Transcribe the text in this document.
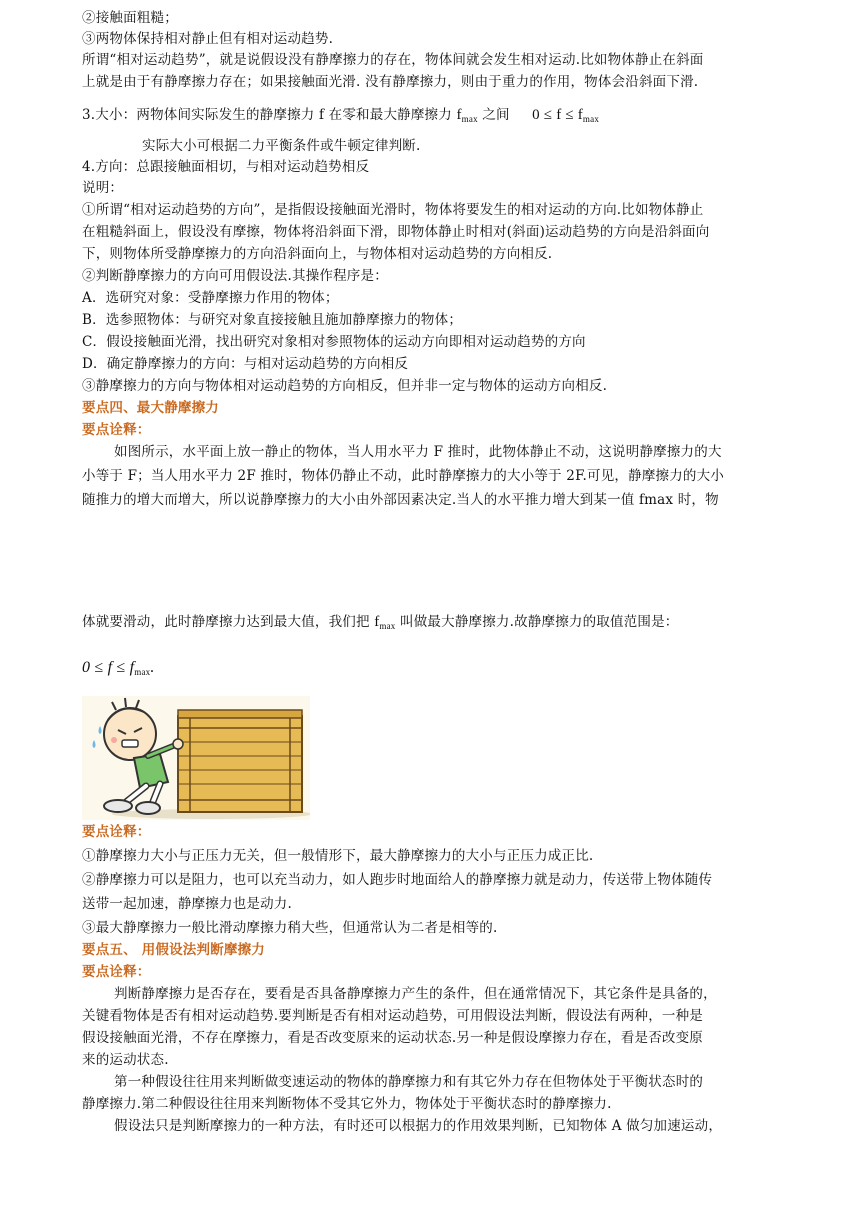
②接触面粗糙；
③两物体保持相对静止但有相对运动趋势.
所谓“相对运动趋势”，就是说假设没有静摩擦力的存在，物体间就会发生相对运动.比如物体静止在斜面
上就是由于有静摩擦力存在；如果接触面光滑. 没有静摩擦力，则由于重力的作用，物体会沿斜面下滑.
3.大小：两物体间实际发生的静摩擦力 f 在零和最大静摩擦力 $f_{max}$ 之间 $0 \le f \le f_{max}$
实际大小可根据二力平衡条件或牛顿定律判断.
4.方向：总跟接触面相切，与相对运动趋势相反
说明：
①所谓“相对运动趋势的方向”，是指假设接触面光滑时，物体将要发生的相对运动的方向.比如物体静止
在粗糙斜面上，假设没有摩擦，物体将沿斜面下滑，即物体静止时相对(斜面)运动趋势的方向是沿斜面向
下，则物体所受静摩擦力的方向沿斜面向上，与物体相对运动趋势的方向相反.
②判断静摩擦力的方向可用假设法.其操作程序是：
A．选研究对象：受静摩擦力作用的物体；
B．选参照物体：与研究对象直接接触且施加静摩擦力的物体；
C．假设接触面光滑，找出研究对象相对参照物体的运动方向即相对运动趋势的方向
D．确定静摩擦力的方向：与相对运动趋势的方向相反
③静摩擦力的方向与物体相对运动趋势的方向相反，但并非一定与物体的运动方向相反.
要点四、最大静摩擦力
要点诠释：
如图所示，水平面上放一静止的物体，当人用水平力 F 推时，此物体静止不动，这说明静摩擦力的大
小等于 F；当人用水平力 2F 推时，物体仍静止不动，此时静摩擦力的大小等于 2F.可见，静摩擦力的大小
随推力的增大而增大，所以说静摩擦力的大小由外部因素决定.当人的水平推力增大到某一值 fmax 时，物
体就要滑动，此时静摩擦力达到最大值，我们把 $f_{max}$ 叫做最大静摩擦力.故静摩擦力的取值范围是：
$0 \le f \le f_{max}$.
要点诠释：
①静摩擦力大小与正压力无关，但一般情形下，最大静摩擦力的大小与正压力成正比.
②静摩擦力可以是阻力，也可以充当动力，如人跑步时地面给人的静摩擦力就是动力，传送带上物体随传
送带一起加速，静摩擦力也是动力.
③最大静摩擦力一般比滑动摩擦力稍大些，但通常认为二者是相等的.
要点五、 用假设法判断摩擦力
要点诠释：
判断静摩擦力是否存在，要看是否具备静摩擦力产生的条件，但在通常情况下，其它条件是具备的，
关键看物体是否有相对运动趋势.要判断是否有相对运动趋势，可用假设法判断，假设法有两种，一种是
假设接触面光滑，不存在摩擦力，看是否改变原来的运动状态.另一种是假设摩擦力存在，看是否改变原
来的运动状态.
第一种假设往往用来判断做变速运动的物体的静摩擦力和有其它外力存在但物体处于平衡状态时的
静摩擦力.第二种假设往往用来判断物体不受其它外力，物体处于平衡状态时的静摩擦力.
假设法只是判断摩擦力的一种方法，有时还可以根据力的作用效果判断，已知物体 A 做匀加速运动，
